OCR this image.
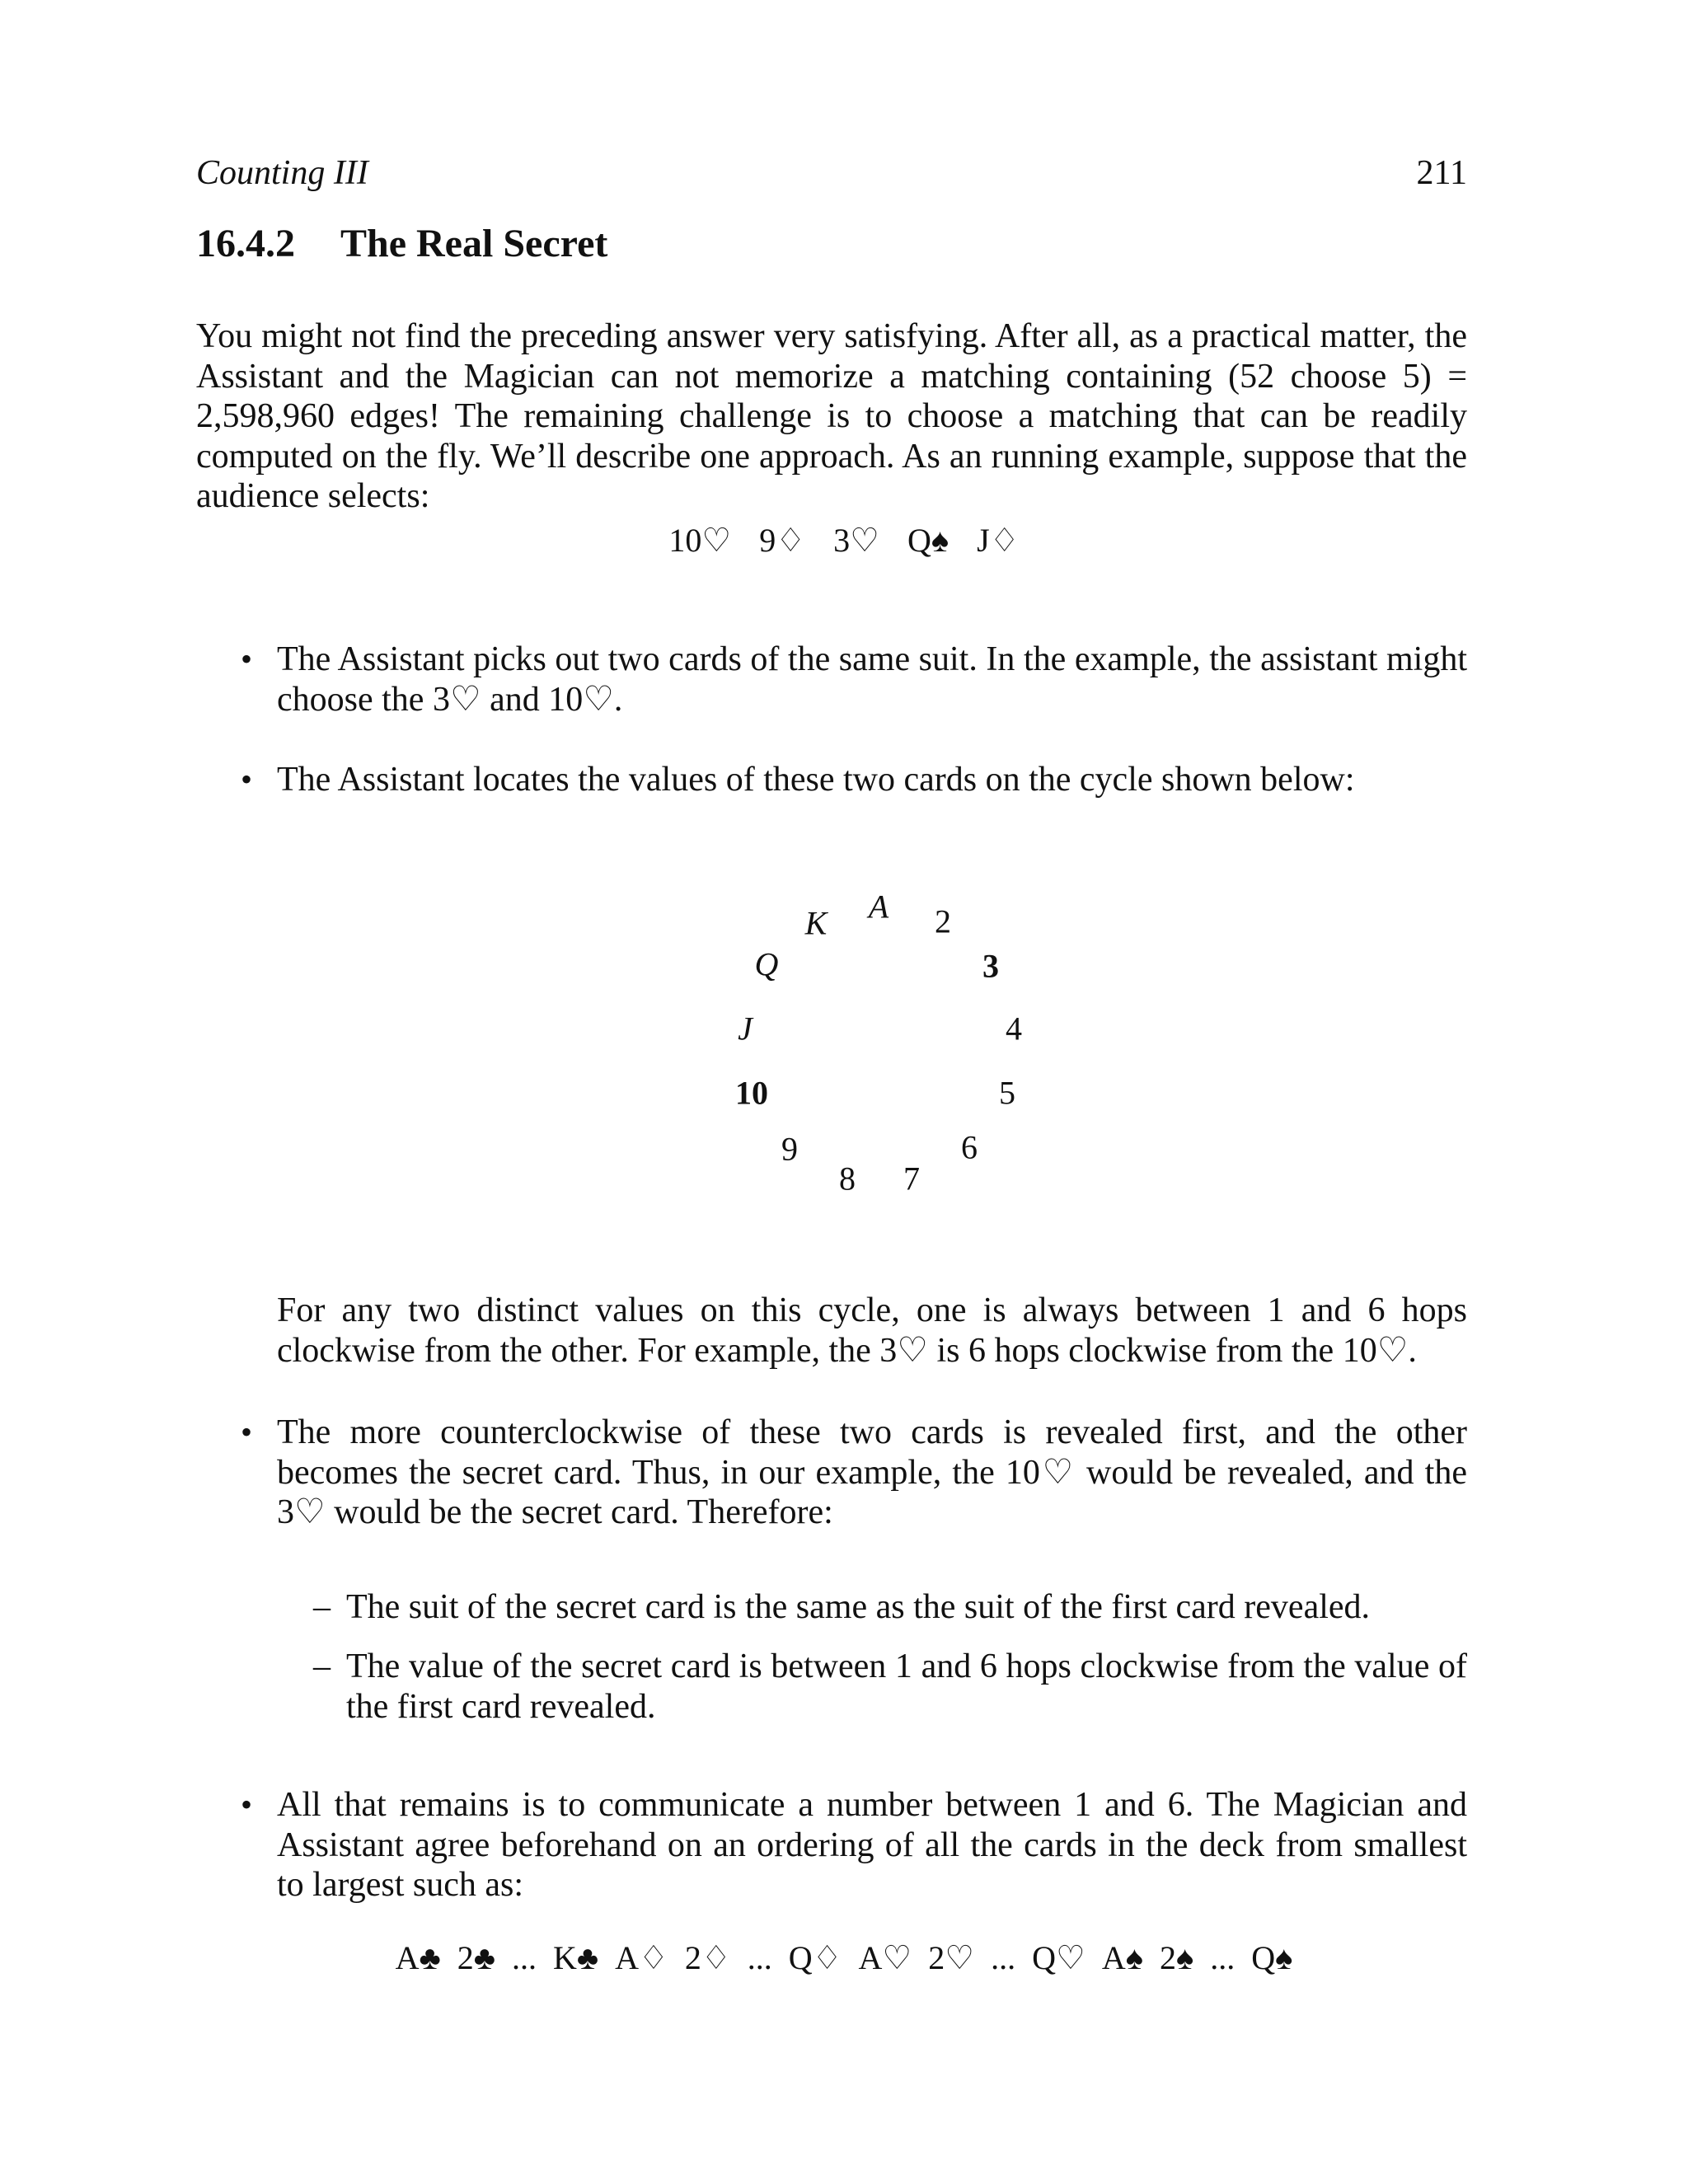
Counting III	211
16.4.2 The Real Secret
You might not find the preceding answer very satisfying. After all, as a practical matter, the Assistant and the Magician can not memorize a matching containing (52 choose 5) = 2,598,960 edges! The remaining challenge is to choose a matching that can be readily computed on the fly. We’ll describe one approach. As an running example, suppose that the audience selects:
10♡ 9♢ 3♡ Q♠ J♢
• The Assistant picks out two cards of the same suit. In the example, the assistant might choose the 3♡ and 10♡.
• The Assistant locates the values of these two cards on the cycle shown below:
A 2
3
4
5
6
7
8
9
10
J
Q
K
For any two distinct values on this cycle, one is always between 1 and 6 hops clockwise from the other. For example, the 3♡ is 6 hops clockwise from the 10♡.
• The more counterclockwise of these two cards is revealed first, and the other becomes the secret card. Thus, in our example, the 10♡ would be revealed, and the 3♡ would be the secret card. Therefore:
– The suit of the secret card is the same as the suit of the first card revealed.
– The value of the secret card is between 1 and 6 hops clockwise from the value of the first card revealed.
• All that remains is to communicate a number between 1 and 6. The Magician and Assistant agree beforehand on an ordering of all the cards in the deck from smallest to largest such as:
A♣ 2♣ ... K♣ A♢ 2♢ ... Q♢ A♡ 2♡ ... Q♡ A♠ 2♠ ... Q♠
